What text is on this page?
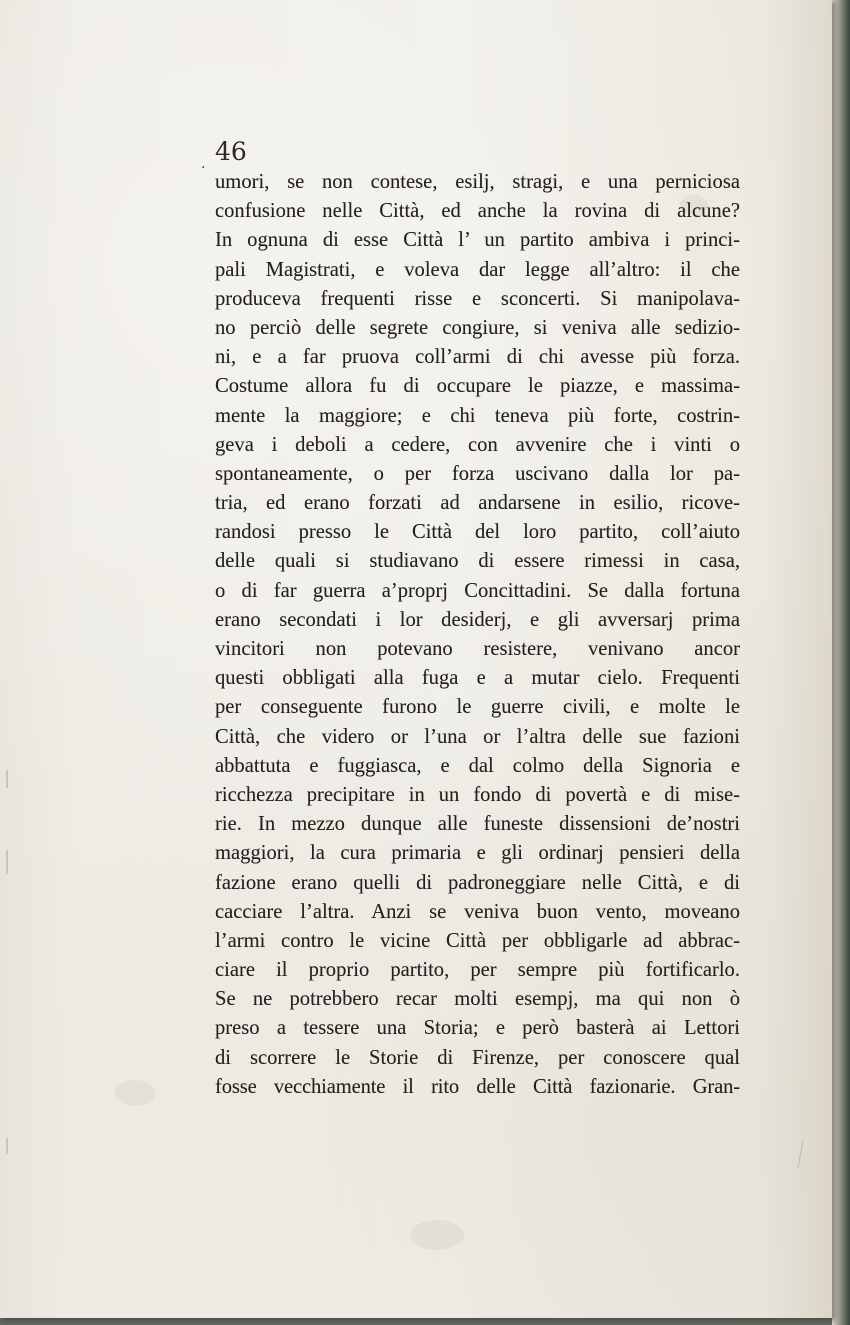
. 46
umori, se non contese, esilj, stragi, e una perniciosa
confusione nelle Città, ed anche la rovina di alcune?
In ognuna di esse Città l’ un partito ambiva i princi-
pali Magistrati, e voleva dar legge all’altro: il che
produceva frequenti risse e sconcerti. Si manipolava-
no perciò delle segrete congiure, si veniva alle sedizio-
ni, e a far pruova coll’armi di chi avesse più forza.
Costume allora fu di occupare le piazze, e massima-
mente la maggiore; e chi teneva più forte, costrin-
geva i deboli a cedere, con avvenire che i vinti o
spontaneamente, o per forza uscivano dalla lor pa-
tria, ed erano forzati ad andarsene in esilio, ricove-
randosi presso le Città del loro partito, coll’aiuto
delle quali si studiavano di essere rimessi in casa,
o di far guerra a’proprj Concittadini. Se dalla fortuna
erano secondati i lor desiderj, e gli avversarj prima
vincitori non potevano resistere, venivano ancor
questi obbligati alla fuga e a mutar cielo. Frequenti
per conseguente furono le guerre civili, e molte le
Città, che videro or l’una or l’altra delle sue fazioni
abbattuta e fuggiasca, e dal colmo della Signoria e
ricchezza precipitare in un fondo di povertà e di mise-
rie. In mezzo dunque alle funeste dissensioni de’nostri
maggiori, la cura primaria e gli ordinarj pensieri della
fazione erano quelli di padroneggiare nelle Città, e di
cacciare l’altra. Anzi se veniva buon vento, moveano
l’armi contro le vicine Città per obbligarle ad abbrac-
ciare il proprio partito, per sempre più fortificarlo.
Se ne potrebbero recar molti esempj, ma qui non ò
preso a tessere una Storia; e però basterà ai Lettori
di scorrere le Storie di Firenze, per conoscere qual
fosse vecchiamente il rito delle Città fazionarie. Gran-
